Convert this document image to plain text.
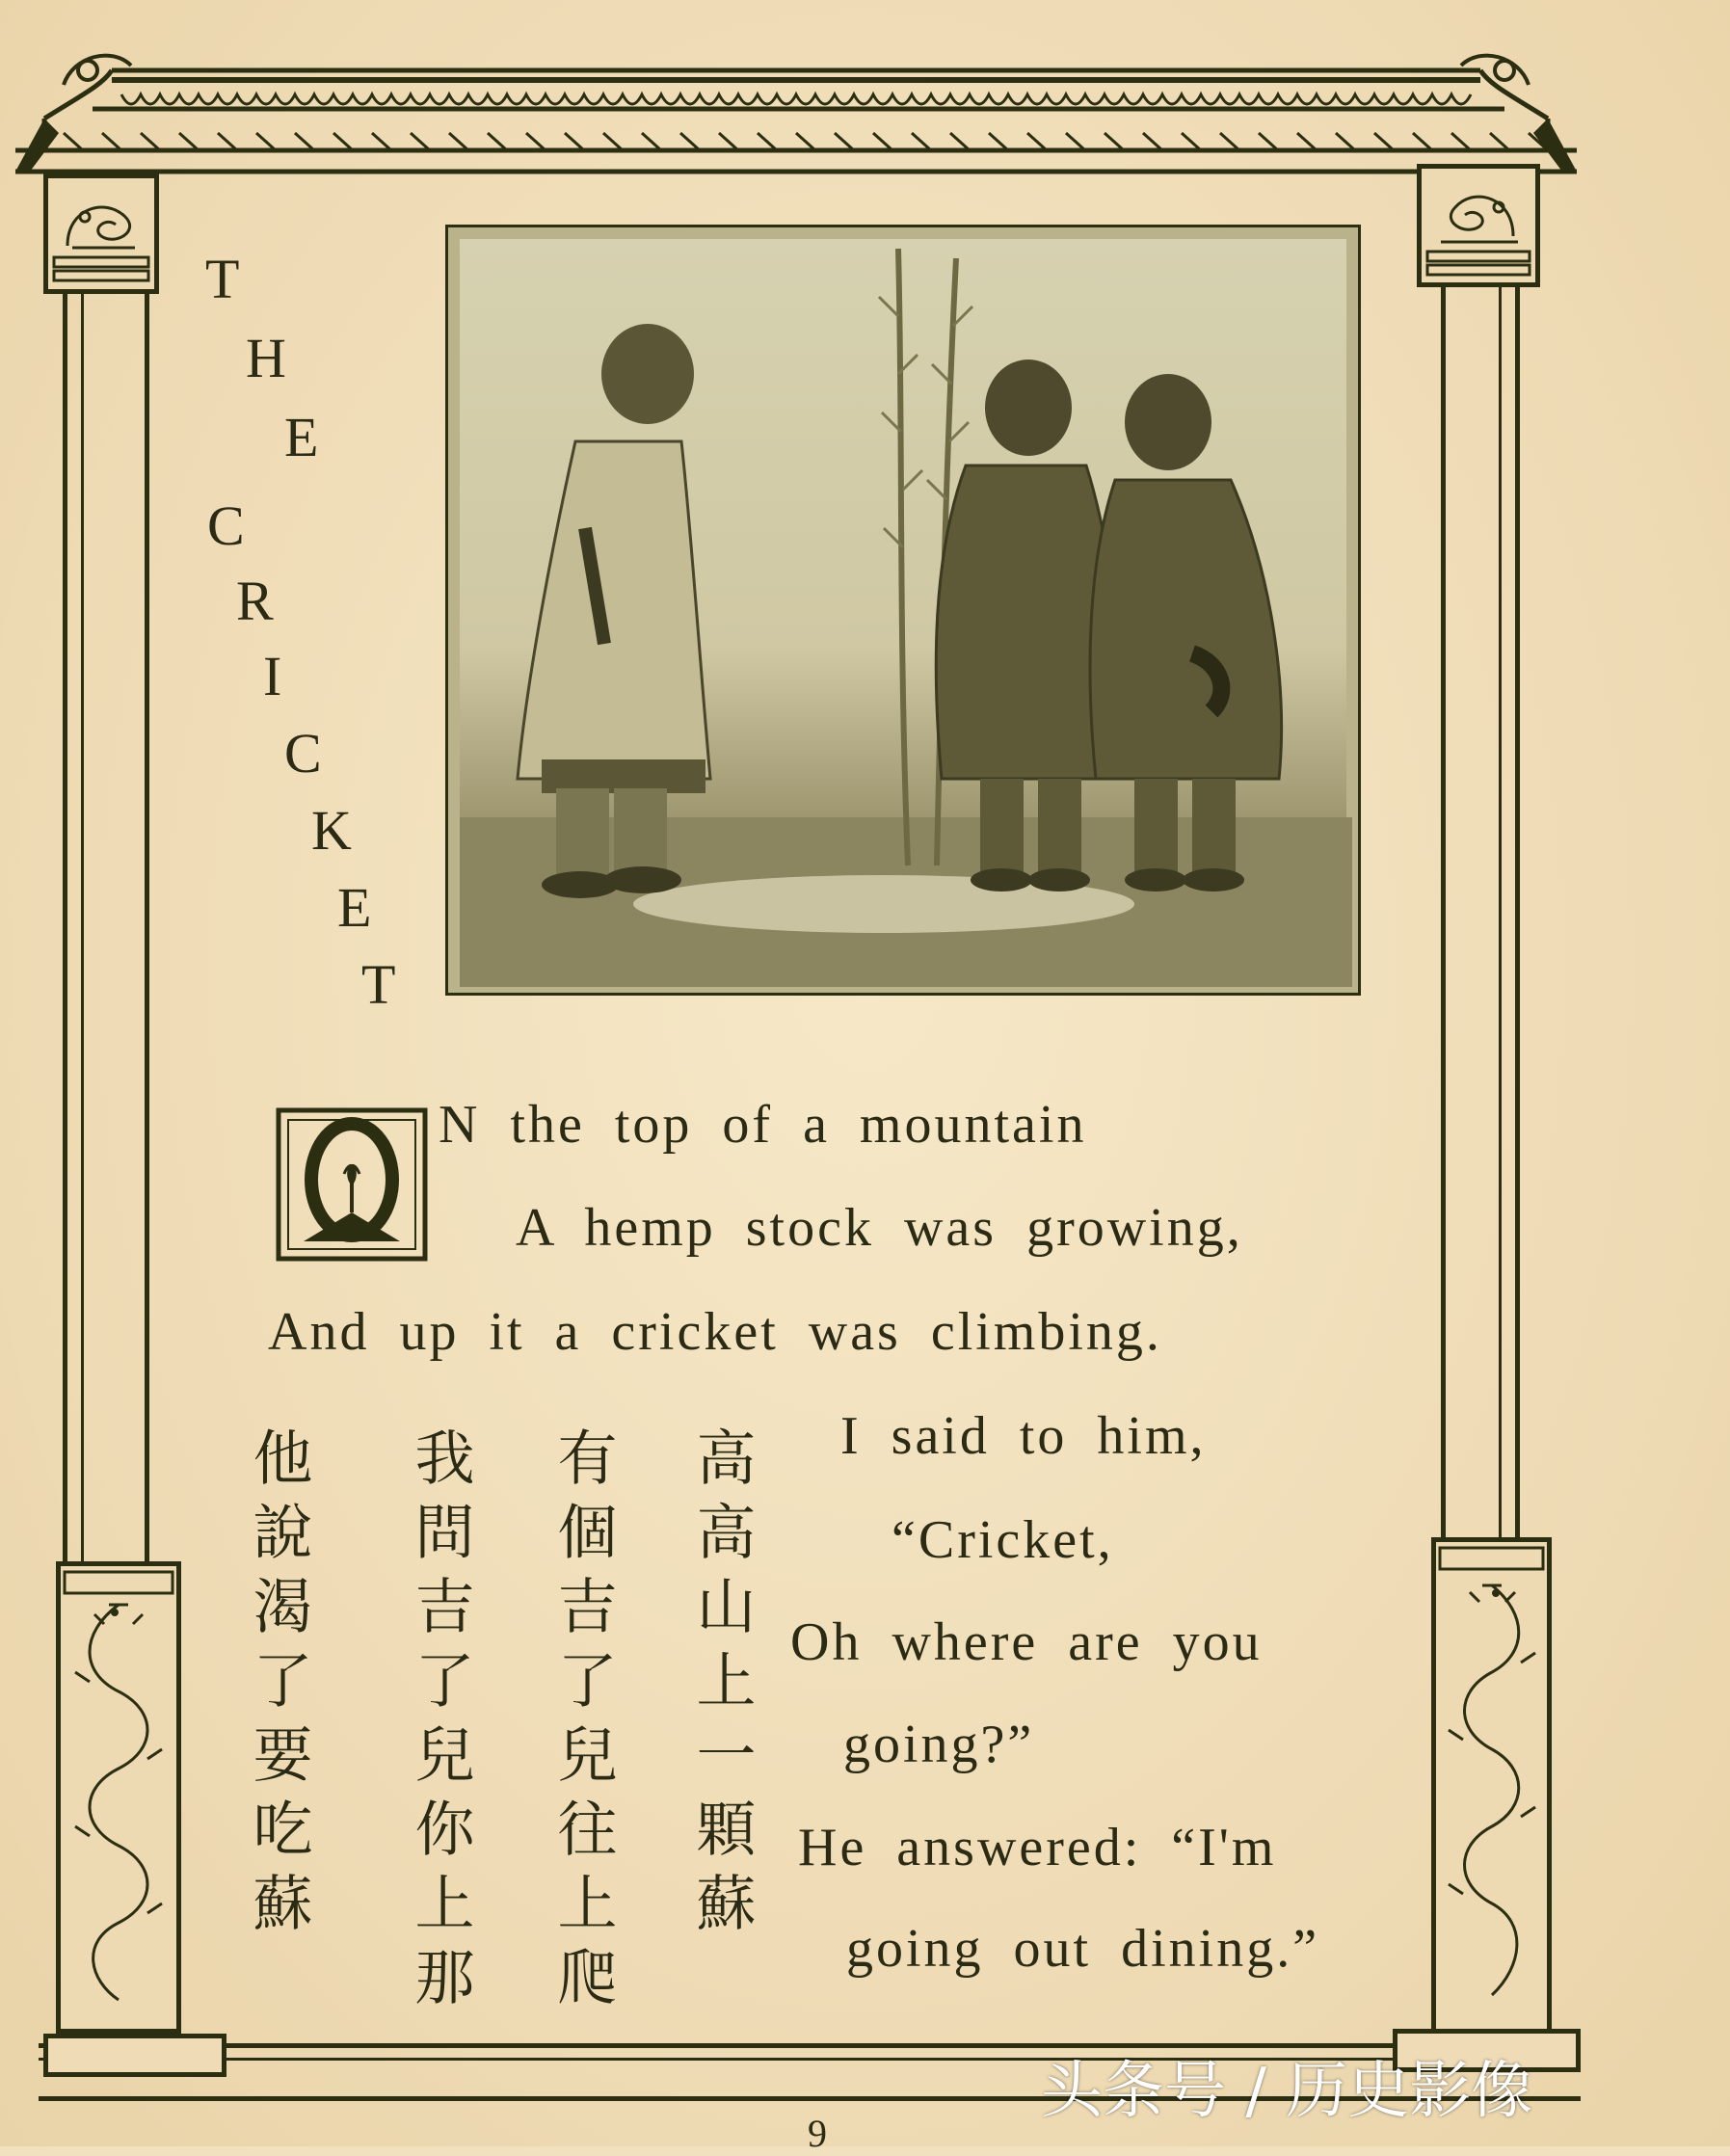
T
H
E
C
R
I
C
K
E
T
N the top of a mountain
A hemp stock was growing,
And up it a cricket was climbing.
I said to him,
“Cricket,
Oh where are you
going?”
He answered: “I'm
going out dining.”
高高山上一顆蘇
有個吉了兒往上爬
我問吉了兒你上那
他說渴了要吃蘇
头条号 / 历史影像
9
